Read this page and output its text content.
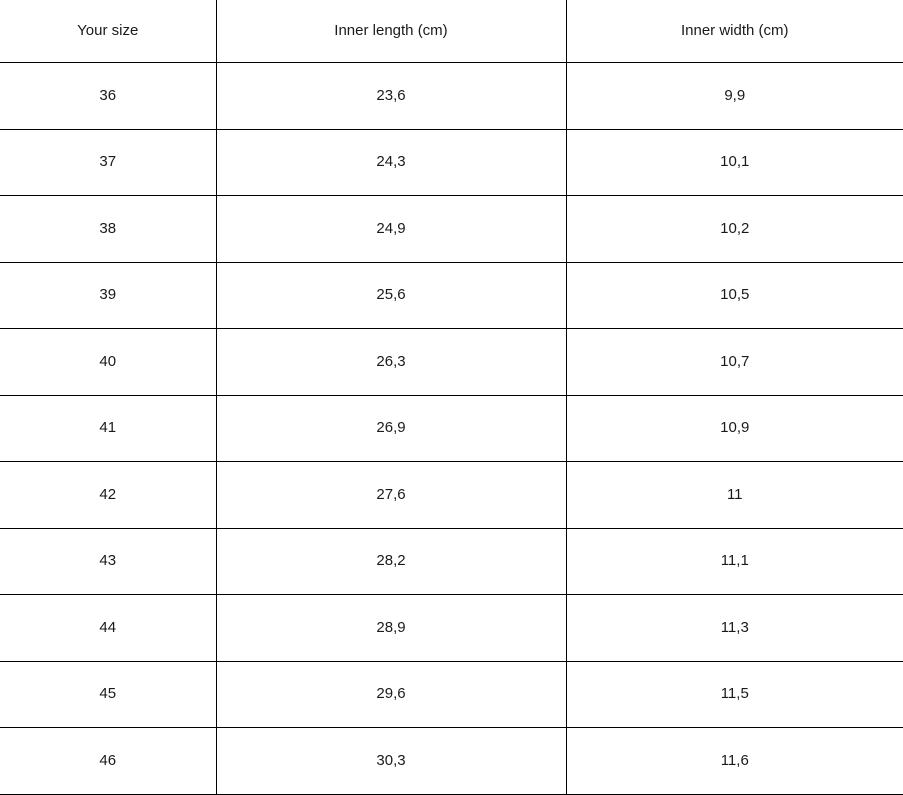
Your size	Inner length (cm)	Inner width (cm)
36	23,6	9,9
37	24,3	10,1
38	24,9	10,2
39	25,6	10,5
40	26,3	10,7
41	26,9	10,9
42	27,6	11
43	28,2	11,1
44	28,9	11,3
45	29,6	11,5
46	30,3	11,6
